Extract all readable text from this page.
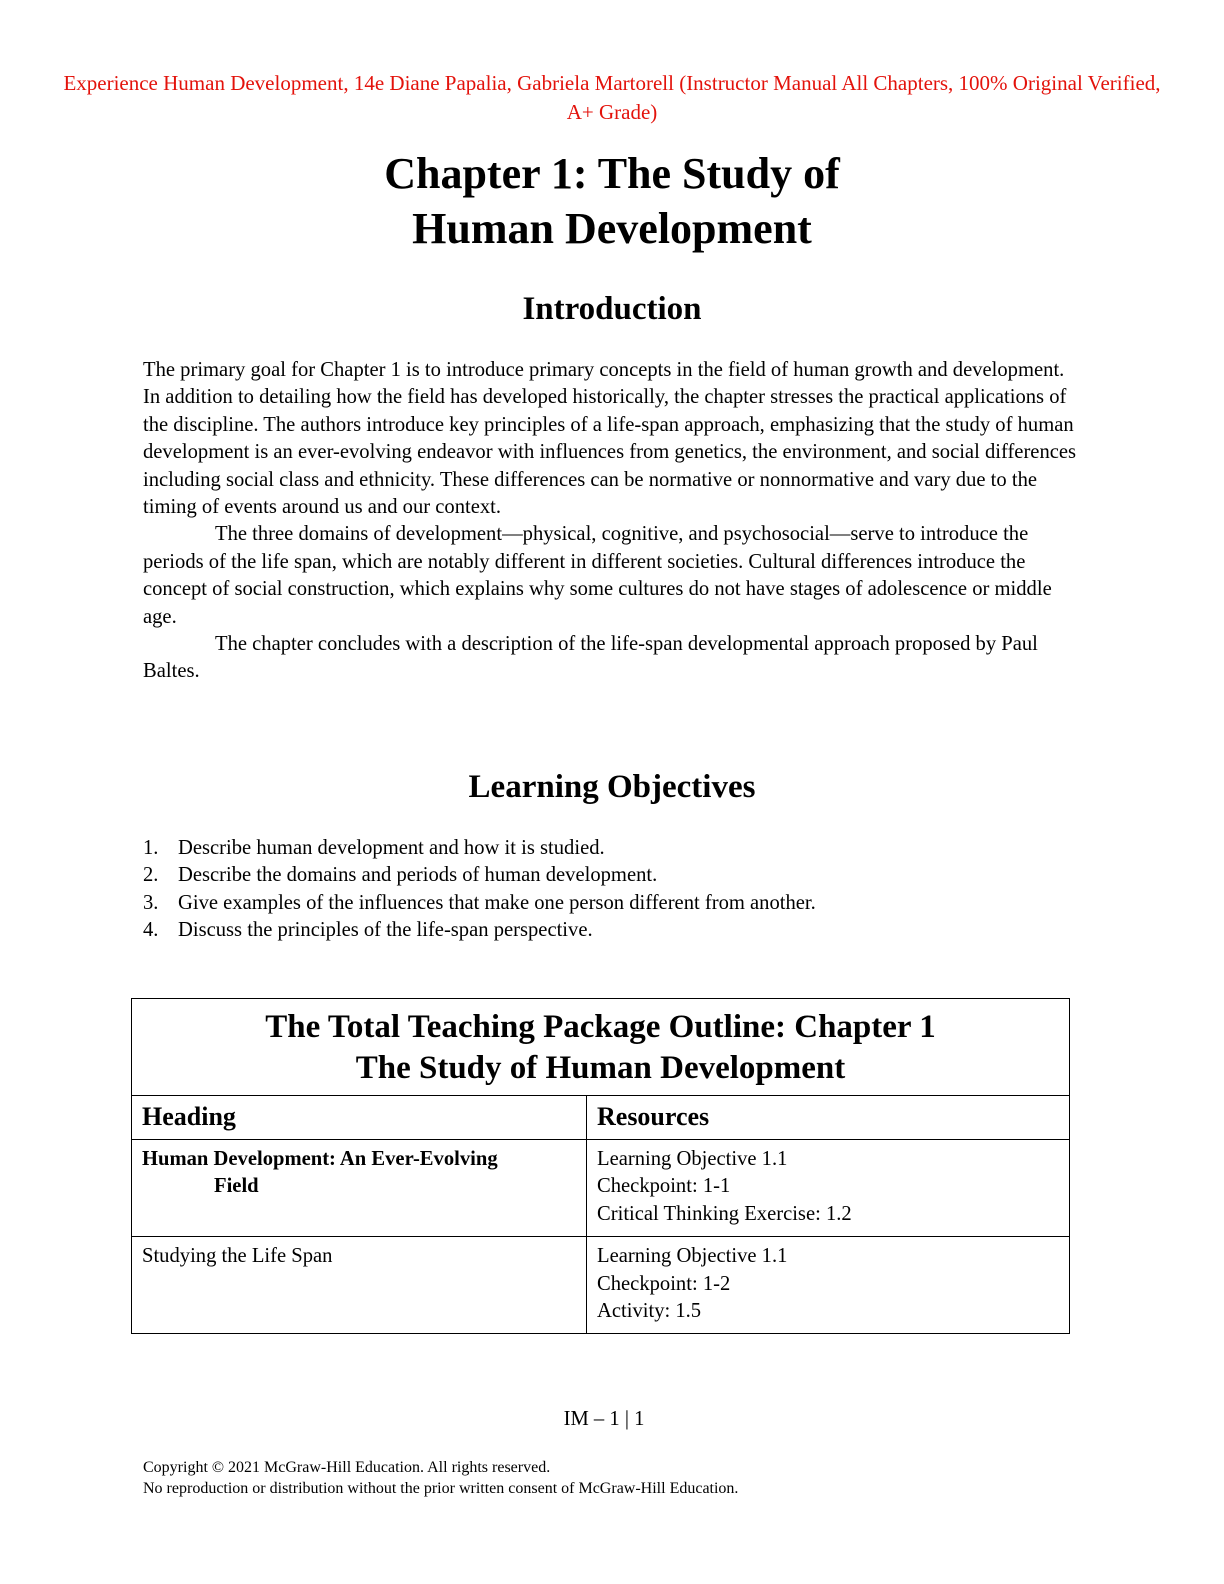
Experience Human Development, 14e Diane Papalia, Gabriela Martorell (Instructor Manual All Chapters, 100% Original Verified, A+ Grade)
Chapter 1: The Study of
Human Development
Introduction

The primary goal for Chapter 1 is to introduce primary concepts in the field of human growth and development. In addition to detailing how the field has developed historically, the chapter stresses the practical applications of the discipline. The authors introduce key principles of a life-span approach, emphasizing that the study of human development is an ever-evolving endeavor with influences from genetics, the environment, and social differences including social class and ethnicity. These differences can be normative or nonnormative and vary due to the timing of events around us and our context.

The three domains of development—physical, cognitive, and psychosocial—serve to introduce the periods of the life span, which are notably different in different societies. Cultural differences introduce the concept of social construction, which explains why some cultures do not have stages of adolescence or middle age.

The chapter concludes with a description of the life-span developmental approach proposed by Paul Baltes.

Learning Objectives
1. Describe human development and how it is studied.
2. Describe the domains and periods of human development.
3. Give examples of the influences that make one person different from another.
4. Discuss the principles of the life-span perspective.
The Total Teaching Package Outline: Chapter 1
The Study of Human Development	

Heading	Resources

Human Development: An Ever-Evolving
Field	Learning Objective 1.1
Checkpoint: 1-1
Critical Thinking Exercise: 1.2

Studying the Life Span	Learning Objective 1.1
Checkpoint: 1-2
Activity: 1.5
IM – 1 | 1
Copyright © 2021 McGraw-Hill Education. All rights reserved.
No reproduction or distribution without the prior written consent of McGraw-Hill Education.
